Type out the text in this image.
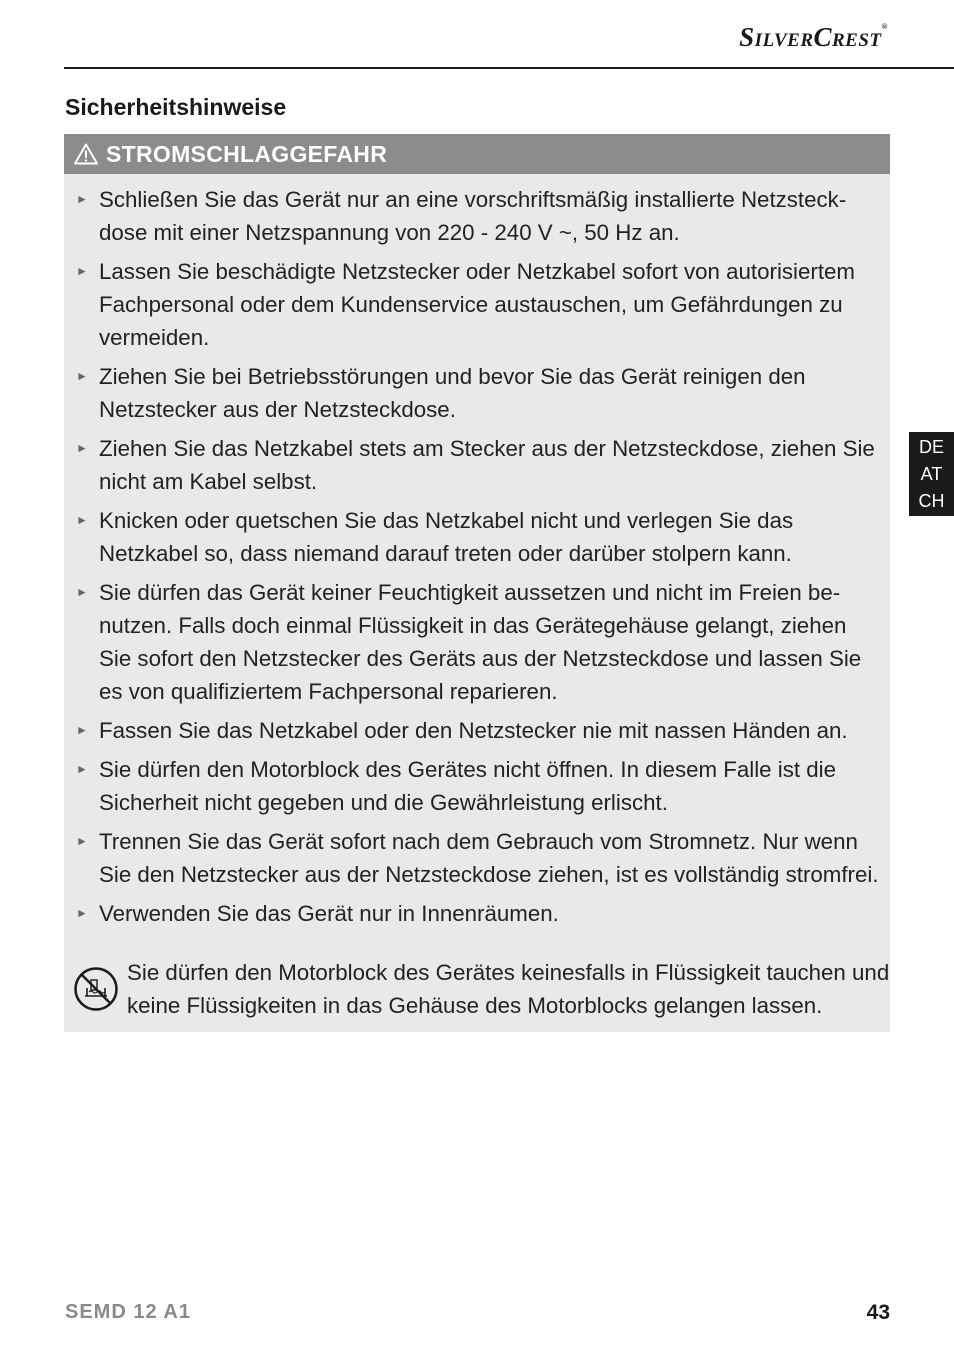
SilverCrest®
Sicherheitshinweise
STROMSCHLAGGEFAHR
► Schließen Sie das Gerät nur an eine vorschriftsmäßig installierte Netzsteck-dose mit einer Netzspannung von 220 - 240 V ~, 50 Hz an.
► Lassen Sie beschädigte Netzstecker oder Netzkabel sofort von autorisiertem Fachpersonal oder dem Kundenservice austauschen, um Gefährdungen zu vermeiden.
► Ziehen Sie bei Betriebsstörungen und bevor Sie das Gerät reinigen den Netzstecker aus der Netzsteckdose.
► Ziehen Sie das Netzkabel stets am Stecker aus der Netzsteckdose, ziehen Sie nicht am Kabel selbst.
► Knicken oder quetschen Sie das Netzkabel nicht und verlegen Sie das Netzkabel so, dass niemand darauf treten oder darüber stolpern kann.
► Sie dürfen das Gerät keiner Feuchtigkeit aussetzen und nicht im Freien be-nutzen. Falls doch einmal Flüssigkeit in das Gerätegehäuse gelangt, ziehen Sie sofort den Netzstecker des Geräts aus der Netzsteckdose und lassen Sie es von qualifiziertem Fachpersonal reparieren.
► Fassen Sie das Netzkabel oder den Netzstecker nie mit nassen Händen an.
► Sie dürfen den Motorblock des Gerätes nicht öffnen. In diesem Falle ist die Sicherheit nicht gegeben und die Gewährleistung erlischt.
► Trennen Sie das Gerät sofort nach dem Gebrauch vom Stromnetz. Nur wenn Sie den Netzstecker aus der Netzsteckdose ziehen, ist es vollständig stromfrei.
► Verwenden Sie das Gerät nur in Innenräumen.

Sie dürfen den Motorblock des Gerätes keinesfalls in Flüssigkeit tauchen und keine Flüssigkeiten in das Gehäuse des Motorblocks gelangen lassen.

DE
AT
CH
SEMD 12 A1	43
